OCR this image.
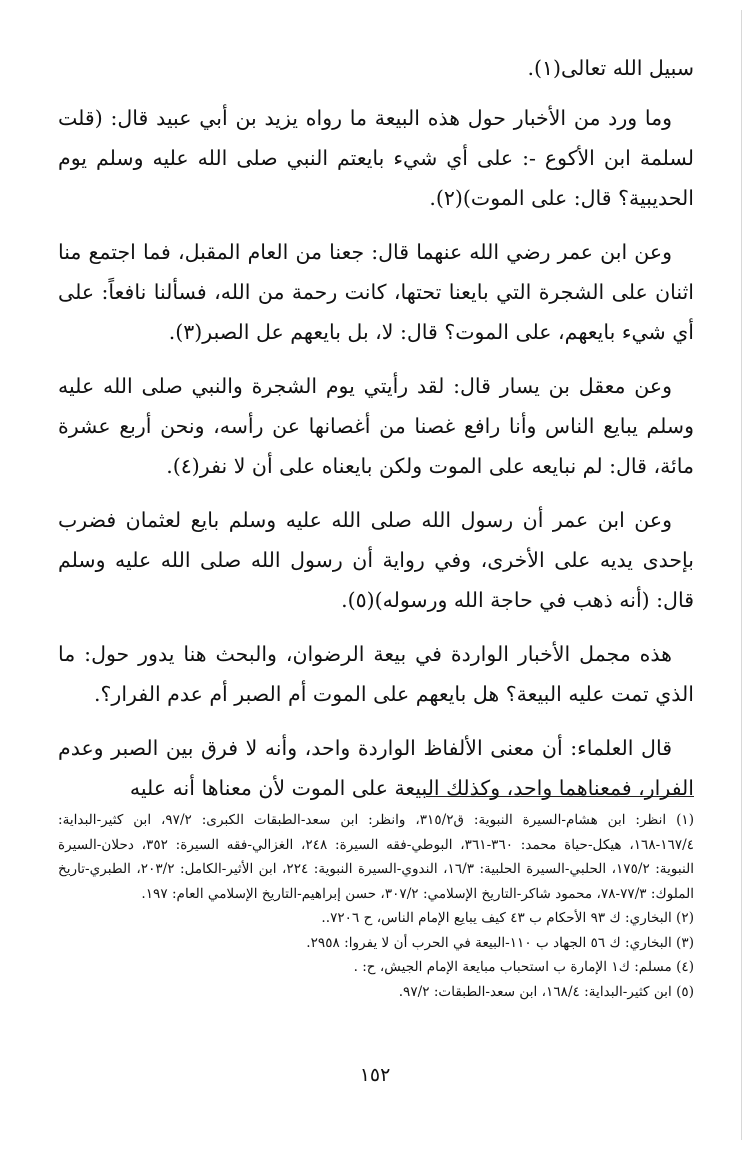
سبيل الله تعالى(١).

وما ورد من الأخبار حول هذه البيعة ما رواه يزيد بن أبي عبيد قال: (قلت لسلمة ابن الأكوع -: على أي شيء بايعتم النبي صلى الله عليه وسلم يوم الحديبية؟ قال: على الموت)(٢).

وعن ابن عمر رضي الله عنهما قال: جعنا من العام المقبل، فما اجتمع منا اثنان على الشجرة التي بايعنا تحتها، كانت رحمة من الله، فسألنا نافعاً: على أي شيء بايعهم، على الموت؟ قال: لا، بل بايعهم عل الصبر(٣).

وعن معقل بن يسار قال: لقد رأيتي يوم الشجرة والنبي صلى الله عليه وسلم يبايع الناس وأنا رافع غصنا من أغصانها عن رأسه، ونحن أربع عشرة مائة، قال: لم نبايعه على الموت ولكن بايعناه على أن لا نفر(٤).

وعن ابن عمر أن رسول الله صلى الله عليه وسلم بايع لعثمان فضرب بإحدى يديه على الأخرى، وفي رواية أن رسول الله صلى الله عليه وسلم قال: (أنه ذهب في حاجة الله ورسوله)(٥).

هذه مجمل الأخبار الواردة في بيعة الرضوان، والبحث هنا يدور حول: ما الذي تمت عليه البيعة؟ هل بايعهم على الموت أم الصبر أم عدم الفرار؟.

قال العلماء: أن معنى الألفاظ الواردة واحد، وأنه لا فرق بين الصبر وعدم الفرار، فمعناهما واحد، وكذلك البيعة على الموت لأن معناها أنه عليه

(١) انظر: ابن هشام-السيرة النبوية: ق٣١٥/٢، وانظر: ابن سعد-الطبقات الكبرى: ٩٧/٢، ابن كثير-البداية: ١٦٧/٤-١٦٨، هيكل-حياة محمد: ٣٦٠-٣٦١، البوطي-فقه السيرة: ٢٤٨، الغزالي-فقه السيرة: ٣٥٢، دحلان-السيرة النبوية: ١٧٥/٢، الحلبي-السيرة الحلبية: ١٦/٣، الندوي-السيرة النبوية: ٢٢٤، ابن الأثير-الكامل: ٢٠٣/٢، الطبري-تاريخ الملوك: ٧٧/٣-٧٨، محمود شاكر-التاريخ الإسلامي: ٣٠٧/٢، حسن إبراهيم-التاريخ الإسلامي العام: ١٩٧.

(٢) البخاري: ك ٩٣ الأحكام ب ٤٣ كيف يبايع الإمام الناس، ح ٧٢٠٦..

(٣) البخاري: ك ٥٦ الجهاد ب ١١٠-البيعة في الحرب أن لا يفروا: ٢٩٥٨.

(٤) مسلم: ك١ الإمارة ب استحباب مبايعة الإمام الجيش، ح: .

(٥) ابن كثير-البداية: ١٦٨/٤، ابن سعد-الطبقات: ٩٧/٢.

١٥٢
